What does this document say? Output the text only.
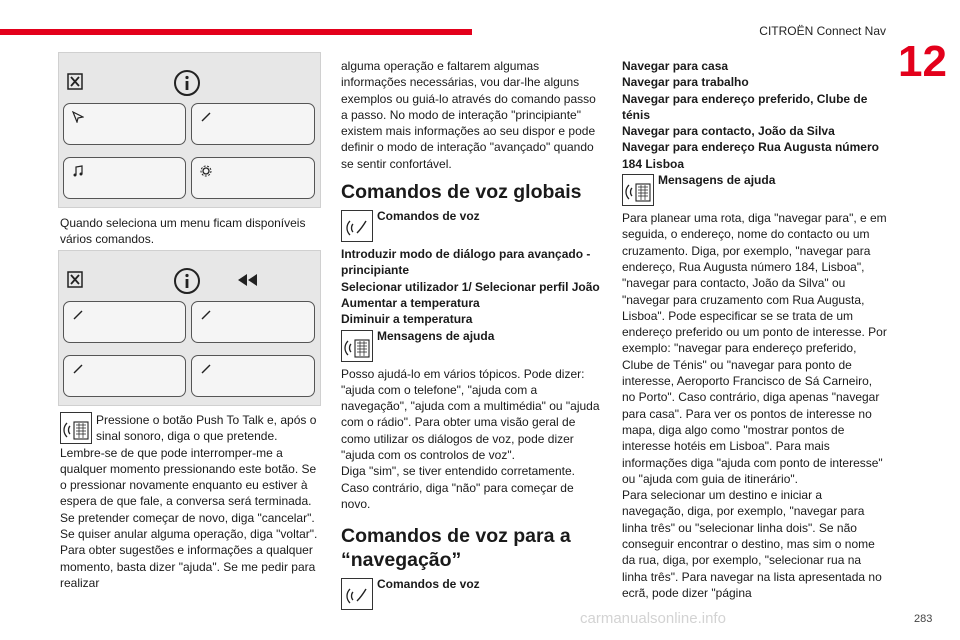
CITROËN Connect Nav
12
Quando seleciona um menu ficam disponíveis vários comandos.
Pressione o botão Push To Talk e, após o
sinal sonoro, diga o que pretende.

Lembre-se de que pode interromper-me a qualquer momento pressionando este botão. Se o pressionar novamente enquanto eu estiver à espera de que fale, a conversa será terminada. Se pretender começar de novo, diga "cancelar". Se quiser anular alguma operação, diga "voltar". Para obter sugestões e informações a qualquer momento, basta dizer "ajuda". Se me pedir para realizar

alguma operação e faltarem algumas informações necessárias, vou dar-lhe alguns exemplos ou guiá-lo através do comando passo a passo. No modo de interação "principiante" existem mais informações ao seu dispor e pode definir o modo de interação "avançado" quando se sentir confortável.

Comandos de voz globais
Comandos de voz
Introduzir modo de diálogo para avançado - principiante
Selecionar utilizador 1/ Selecionar perfil João
Aumentar a temperatura
Diminuir a temperatura
Mensagens de ajuda

Posso ajudá-lo em vários tópicos. Pode dizer: "ajuda com o telefone", "ajuda com a navegação", "ajuda com a multimédia" ou "ajuda com o rádio". Para obter uma visão geral de como utilizar os diálogos de voz, pode dizer "ajuda com os controlos de voz".

Diga "sim", se tiver entendido corretamente. Caso contrário, diga "não" para começar de novo.

Comandos de voz para a “navegação”
Comandos de voz
Navegar para casa
Navegar para trabalho
Navegar para endereço preferido, Clube de ténis
Navegar para contacto, João da Silva
Navegar para endereço Rua Augusta número 184 Lisboa
Mensagens de ajuda

Para planear uma rota, diga "navegar para", e em seguida, o endereço, nome do contacto ou um cruzamento. Diga, por exemplo, "navegar para endereço, Rua Augusta número 184, Lisboa", "navegar para contacto, João da Silva" ou "navegar para cruzamento com Rua Augusta, Lisboa". Pode especificar se se trata de um endereço preferido ou um ponto de interesse. Por exemplo: "navegar para endereço preferido, Clube de Ténis" ou "navegar para ponto de interesse, Aeroporto Francisco de Sá Carneiro, no Porto". Caso contrário, diga apenas "navegar para casa". Para ver os pontos de interesse no mapa, diga algo como "mostrar pontos de interesse hotéis em Lisboa". Para mais informações diga "ajuda com ponto de interesse" ou "ajuda com guia de itinerário".

Para selecionar um destino e iniciar a navegação, diga, por exemplo, "navegar para linha três" ou "selecionar linha dois". Se não conseguir encontrar o destino, mas sim o nome da rua, diga, por exemplo, "selecionar rua na linha três". Para navegar na lista apresentada no ecrã, pode dizer "página

carmanualsonline.info	283
